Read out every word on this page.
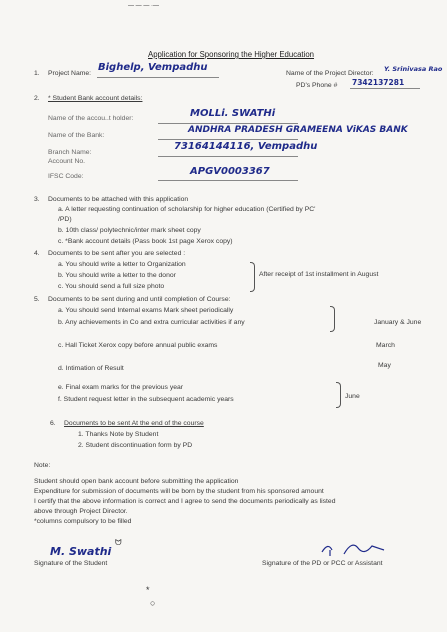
Application for Sponsoring the Higher Education
1. Project Name:
Bighelp, Vempadhu
Name of the Project Director:
Y. Srinivasa Rao
PD's Phone # 7342137281
2. * Student Bank account details:
Name of the accou..t holder:	MOLLi. SWATHi
Name of the Bank:
ANDHRA PRADESH GRAMEENA ViKAS BANK
Branch Name:
73164144116, Vempadhu
Account No.
IFSC Code:	APGV0003367
3. Documents to be attached with this application
a. A letter requesting continuation of scholarship for higher education (Certified by PC'
/PD)
b. 10th class/ polytechnic/inter mark sheet copy
c. *Bank account details (Pass book 1st page Xerox copy)
4. Documents to be sent after you are selected :
a. You should write a letter to Organization
b. You should write a letter to the donor
c. You should send a full size photo
After receipt of 1st installment in August
5. Documents to be sent during and until completion of Course:
a. You should send Internal exams Mark sheet periodically
b. Any achievements in Co and extra curricular activities if any	January & June
c. Hall Ticket Xerox copy before annual public exams	March
d. Intimation of Result	May
e. Final exam marks for the previous year
f. Student request letter in the subsequent academic years	June
6. Documents to be sent At the end of the course
1. Thanks Note by Student
2. Student discontinuation form by PD
Note:
Student should open bank account before submitting the application
Expenditure for submission of documents will be born by the student from his sponsored amount
I certify that the above information is correct and I agree to send the documents periodically as listed
above through Project Director.
*columns compulsory to be filled
M. Swathi
Signature of the Student	Signature of the PD or PCC or Assistant
— — — ·—
*
○
ᗢ
